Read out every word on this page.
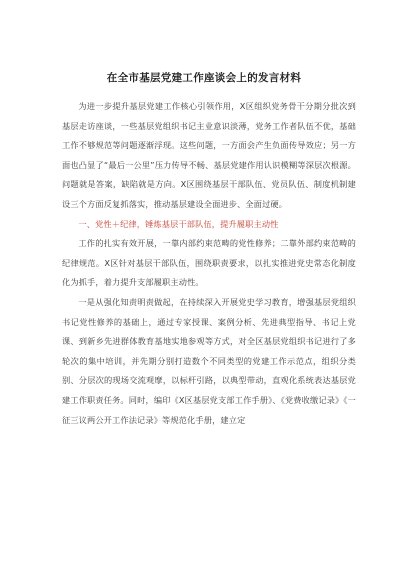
在全市基层党建工作座谈会上的发言材料

为进一步提升基层党建工作核心引领作用，X区组织党务骨干分期分批次到基层走访座谈，一些基层党组织书记主业意识淡薄，党务工作者队伍不优，基础工作不够规范等问题逐渐浮现。这些问题，一方面会产生负面传导效应；另一方面也凸显了“最后一公里”压力传导不畅、基层党建作用认识模糊等深层次根源。问题就是答案，缺陷就是方向。X区围绕基层干部队伍、党员队伍、制度机制建设三个方面反复抓落实，推动基层建设全面进步、全面过硬。

一、党性＋纪律，锤炼基层干部队伍，提升履职主动性

工作的扎实有效开展，一靠内部约束范畴的党性修养；二靠外部约束范畴的纪律规范。X区针对基层干部队伍，围绕职责要求，以扎实推进党史常态化制度化为抓手，着力提升支部履职主动性。

一是从强化知责明责做起，在持续深入开展党史学习教育，增强基层党组织书记党性修养的基础上，通过专家授课、案例分析、先进典型指导、书记上党课、到新乡先进群体教育基地实地参观等方式，对全区基层党组织书记进行了多轮次的集中培训，并先期分别打造数个不同类型的党建工作示范点，组织分类别、分层次的现场交流观摩，以标杆引路，以典型带动，直观化系统表达基层党建工作职责任务。同时，编印《X区基层党支部工作手册》、《党费收缴记录》《一征三议两公开工作法记录》等规范化手册，建立定
